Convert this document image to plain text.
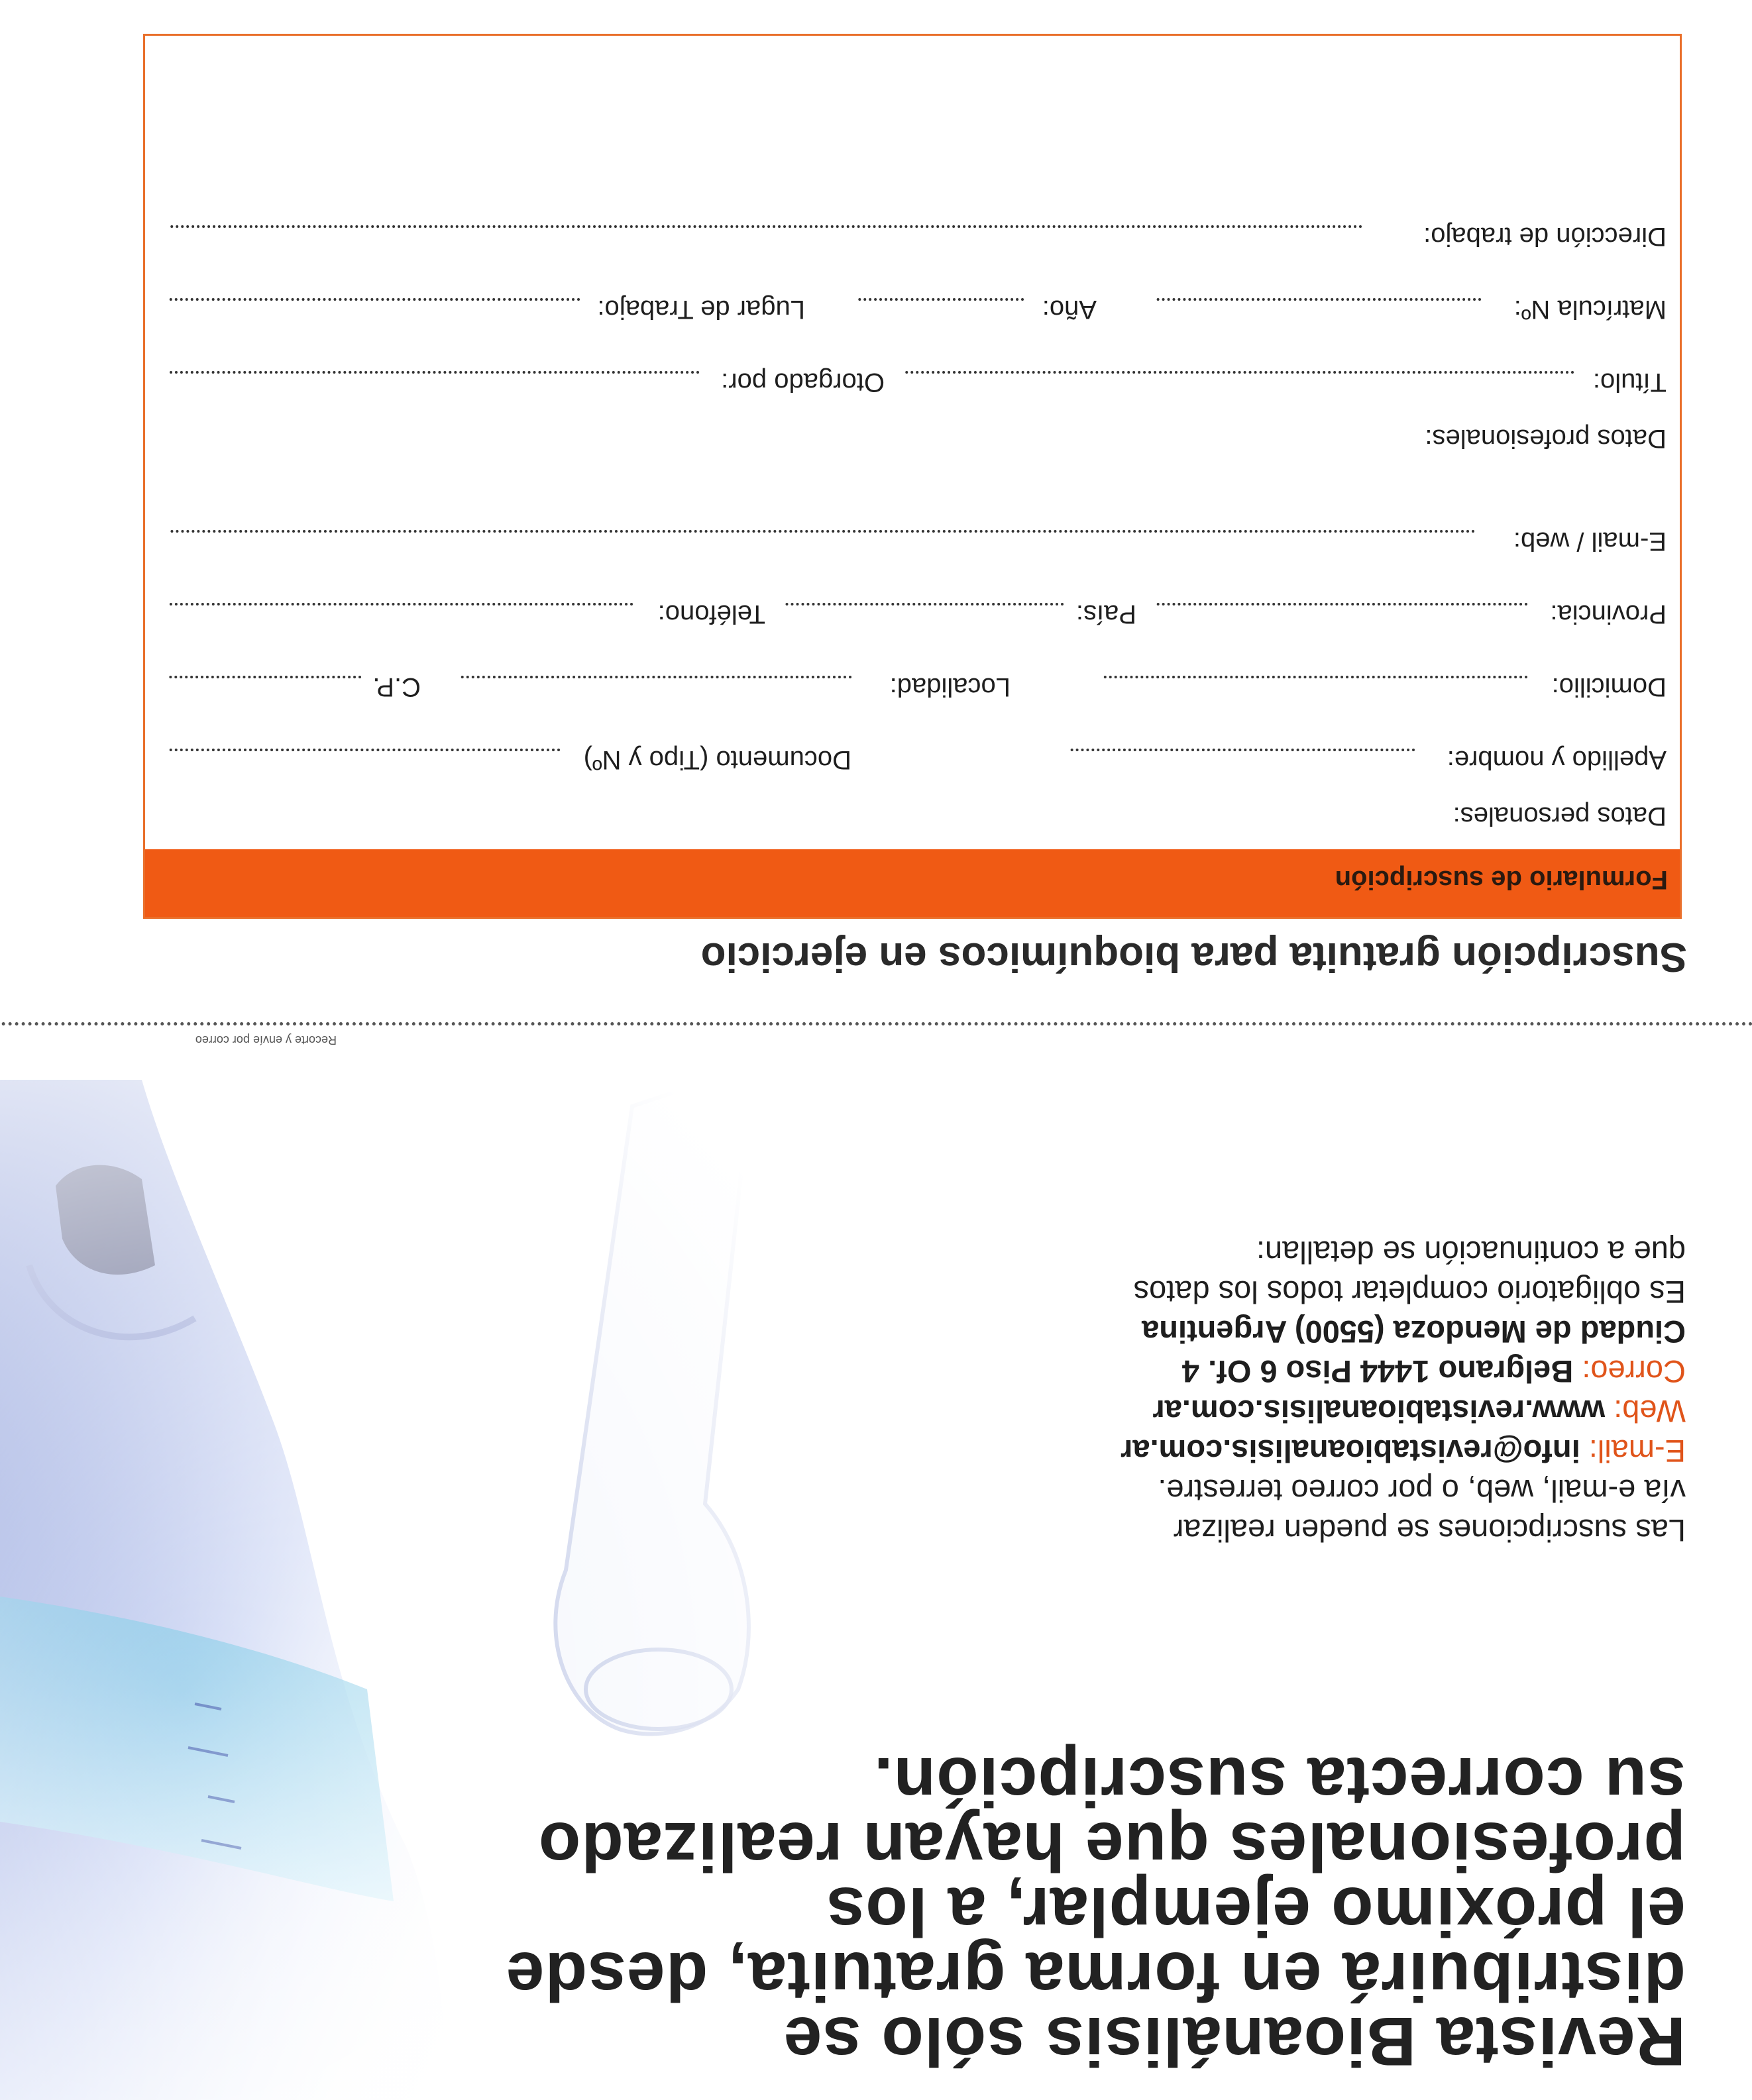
Revista Bioanálisis sólo se
distribuirá en forma gratuita, desde
el próximo ejemplar, a los
profesionales que hayan realizado
su correcta suscripción.
Las suscripciones se pueden realizar
vía e-mail, web, o por correo terrestre.
E-mail: info@revistabioanalisis.com.ar
Web: www.revistabioanalisis.com.ar
Correo: Belgrano 1444 Piso 6 Of. 4
Ciudad de Mendoza (5500) Argentina
Es obligatorio completar todos los datos
que a continuación se detallan:
Recorte y envíe por correo
Suscripción gratuita para bioquímicos en ejercicio
Formulario de suscripción
Datos personales:
Apellido y nombre:
Documento (Tipo y Nº)
Domicilio:
Localidad:
C.P.
Provincia:
País:
Teléfono:
E-mail / web:
Datos profesionales:
Título:
Otorgado por:
Matrícula Nº:
Año:
Lugar de Trabajo:
Dirección de trabajo:
